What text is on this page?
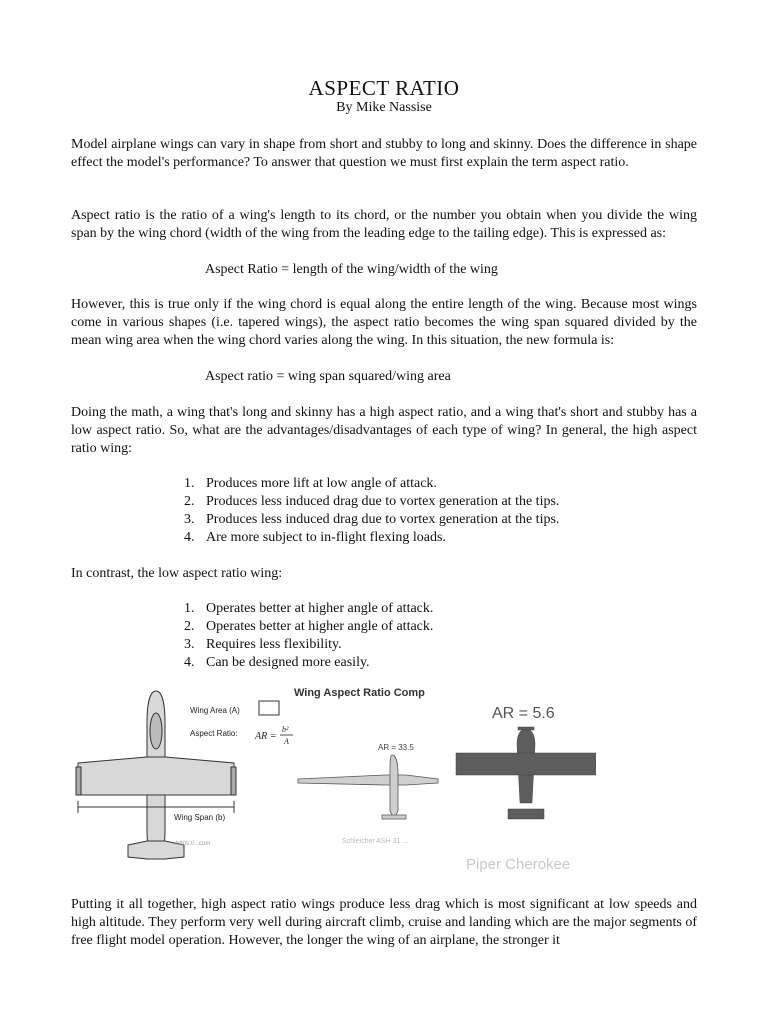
ASPECT RATIO
By Mike Nassise

Model airplane wings can vary in shape from short and stubby to long and skinny. Does the difference in shape effect the model's performance? To answer that question we must first explain the term aspect ratio.

Aspect ratio is the ratio of a wing's length to its chord, or the number you obtain when you divide the wing span by the wing chord (width of the wing from the leading edge to the tailing edge). This is expressed as:

Aspect Ratio = length of the wing/width of the wing

However, this is true only if the wing chord is equal along the entire length of the wing. Because most wings come in various shapes (i.e. tapered wings), the aspect ratio becomes the wing span squared divided by the mean wing area when the wing chord varies along the wing. In this situation, the new formula is:

Aspect ratio = wing span squared/wing area

Doing the math, a wing that's long and skinny has a high aspect ratio, and a wing that's short and stubby has a low aspect ratio. So, what are the advantages/disadvantages of each type of wing? In general, the high aspect ratio wing:

1. Produces more lift at low angle of attack.
2. Produces less induced drag due to vortex generation at the tips.
3. Produces less induced drag due to vortex generation at the tips.
4. Are more subject to in-flight flexing loads.

In contrast, the low aspect ratio wing:

1. Operates better at higher angle of attack.
2. Operates better at higher angle of attack.
3. Requires less flexibility.
4. Can be designed more easily.
Wing Span (b)
https://...com
Wing Area (A)
Aspect Ratio: AR =
b²
A
Wing Aspect Ratio Comp
AR = 33.5
Schleicher ASH 31 ...
AR = 5.6
Piper Cherokee

Putting it all together, high aspect ratio wings produce less drag which is most significant at low speeds and high altitude. They perform very well during aircraft climb, cruise and landing which are the major segments of free flight model operation. However, the longer the wing of an airplane, the stronger it
